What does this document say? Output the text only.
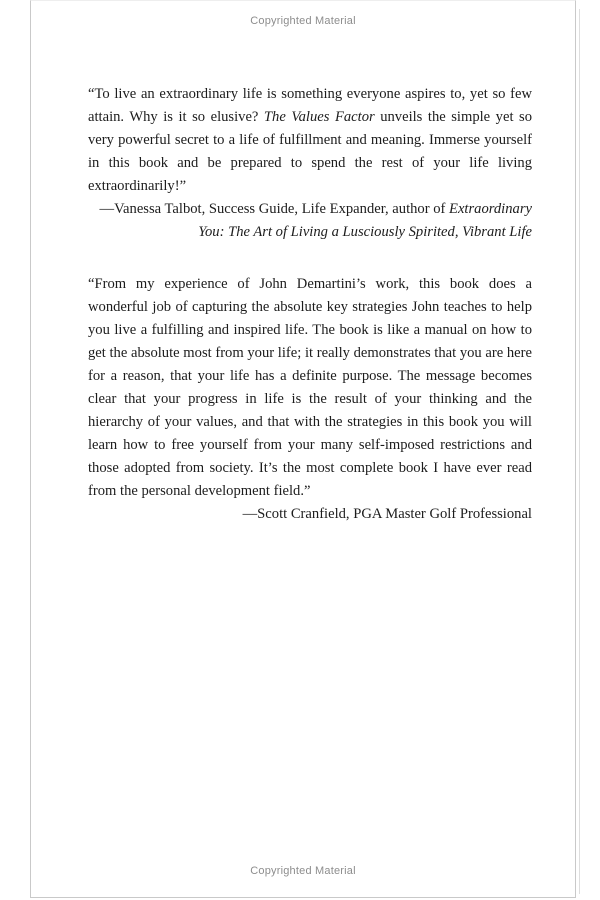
Copyrighted Material

“To live an extraordinary life is something everyone aspires to, yet so few attain. Why is it so elusive? The Values Factor unveils the simple yet so very powerful secret to a life of fulfillment and meaning. Immerse yourself in this book and be prepared to spend the rest of your life living extraordinarily!”

—Vanessa Talbot, Success Guide, Life Expander, author of Extraordinary You: The Art of Living a Lusciously Spirited, Vibrant Life

“From my experience of John Demartini’s work, this book does a wonderful job of capturing the absolute key strategies John teaches to help you live a fulfilling and inspired life. The book is like a manual on how to get the absolute most from your life; it really demonstrates that you are here for a reason, that your life has a definite purpose. The message becomes clear that your progress in life is the result of your thinking and the hierarchy of your values, and that with the strategies in this book you will learn how to free yourself from your many self-imposed restrictions and those adopted from society. It’s the most complete book I have ever read from the personal development field.”

—Scott Cranfield, PGA Master Golf Professional

Copyrighted Material
